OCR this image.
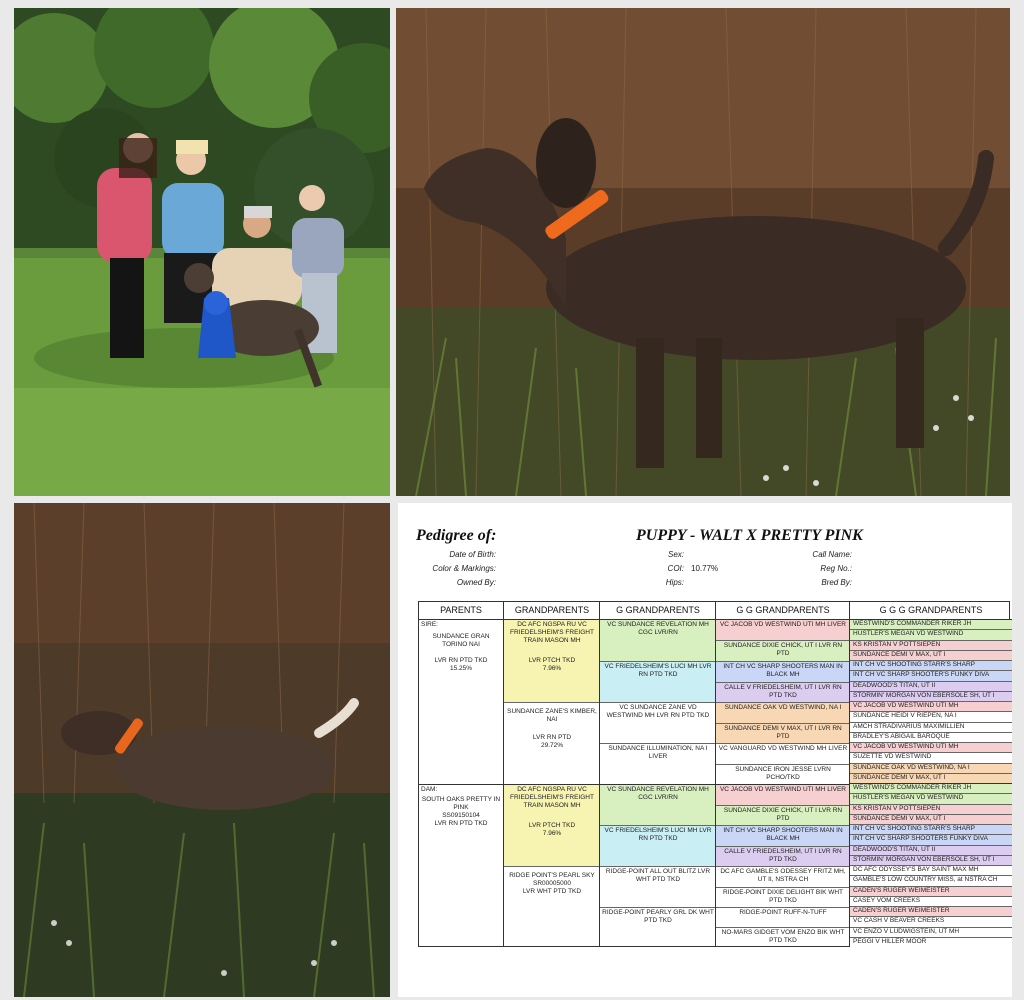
Pedigree of:	PUPPY - WALT X PRETTY PINK
Date of Birth:
Color & Markings:
Owned By:
Sex:
COI: 10.77%
Hips:
Call Name:
Reg No.:
Bred By:
PARENTS
SIRE:
SUNDANCE GRAN TORINO NAI
LVR RN PTD TKD
15.25%
DAM:
SOUTH OAKS PRETTY IN PINK
SS09150104
LVR RN PTD TKD
GRANDPARENTS
DC AFC NGSPA RU VC FRIEDELSHEIM'S FREIGHT TRAIN MASON MH
LVR PTCH TKD
7.96%
SUNDANCE ZANE'S KIMBER, NAI
LVR RN PTD
29.72%
DC AFC NGSPA RU VC FRIEDELSHEIM'S FREIGHT TRAIN MASON MH
LVR PTCH TKD
7.96%
RIDGE POINT'S PEARL SKY
SR00005000
LVR WHT PTD TKD
G GRANDPARENTS
VC SUNDANCE REVELATION MH CGC LVR/RN
VC FRIEDELSHEIM'S LUCI MH LVR RN PTD TKD
VC SUNDANCE ZANE VD WESTWIND MH LVR RN PTD TKD
SUNDANCE ILLUMINATION, NA I LIVER
VC SUNDANCE REVELATION MH CGC LVR/RN
VC FRIEDELSHEIM'S LUCI MH LVR RN PTD TKD
RIDGE-POINT ALL OUT BLITZ LVR WHT PTD TKD
RIDGE-POINT PEARLY GRL DK WHT PTD TKD
G G GRANDPARENTS
VC JACOB VD WESTWIND UTI MH LIVER
SUNDANCE DIXIE CHICK, UT I LVR RN PTD
INT CH VC SHARP SHOOTERS MAN IN BLACK MH
CALLE V FRIEDELSHEIM, UT I LVR RN PTD TKD
SUNDANCE OAK VD WESTWIND, NA I
SUNDANCE DEMI V MAX, UT I LVR RN PTD
VC VANGUARD VD WESTWIND MH LIVER
SUNDANCE IRON JESSE LVRN PCHO/TKD
VC JACOB VD WESTWIND UTI MH LIVER
SUNDANCE DIXIE CHICK, UT I LVR RN PTD
INT CH VC SHARP SHOOTERS MAN IN BLACK MH
CALLE V FRIEDELSHEIM, UT I LVR RN PTD TKD
DC AFC GAMBLE'S ODESSEY FRITZ MH, UT II, NSTRA CH
RIDGE-POINT DIXIE DELIGHT BIK WHT PTD TKD
RIDGE-POINT RUFF-N-TUFF
NO-MARS GIDGET VOM ENZO BIK WHT PTD TKD
G G G GRANDPARENTS
WESTWIND'S COMMANDER RIKER JH
HUSTLER'S MEGAN VD WESTWIND
KS KRISTAN V POTTSIEPEN
SUNDANCE DEMI V MAX, UT I
INT CH VC SHOOTING STARR'S SHARP
INT CH VC SHARP SHOOTER'S FUNKY DIVA
DEADWOOD'S TITAN, UT II
STORMIN' MORGAN VON EBERSOLE SH, UT I
VC JACOB VD WESTWIND UTI MH
SUNDANCE HEIDI V RIEPEN, NA I
AMCH STRADIVARIUS MAXIMILLIEN
BRADLEY'S ABIGAIL BAROQUE
VC JACOB VD WESTWIND UTI MH
SUZETTE VD WESTWIND
SUNDANCE OAK VD WESTWIND, NA I
SUNDANCE DEMI V MAX, UT I
WESTWIND'S COMMANDER RIKER JH
HUSTLER'S MEGAN VD WESTWIND
KS KRISTAN V POTTSIEPEN
SUNDANCE DEMI V MAX, UT I
INT CH VC SHOOTING STARR'S SHARP
INT CH VC SHARP SHOOTERS FUNKY DIVA
DEADWOOD'S TITAN, UT II
STORMIN' MORGAN VON EBERSOLE SH, UT I
DC AFC ODYSSEY'S BAY SAINT MAX MH
GAMBLE'S LOW COUNTRY MISS, at NSTRA CH
CADEN'S RUGER WEIMEISTER
CASEY VOM CREEKS
CADEN'S RUGER WEIMEISTER
VC CASH V BEAVER CREEKS
VC ENZO V LUDWIGSTEIN, UT MH
PEGGI V HILLER MOOR
